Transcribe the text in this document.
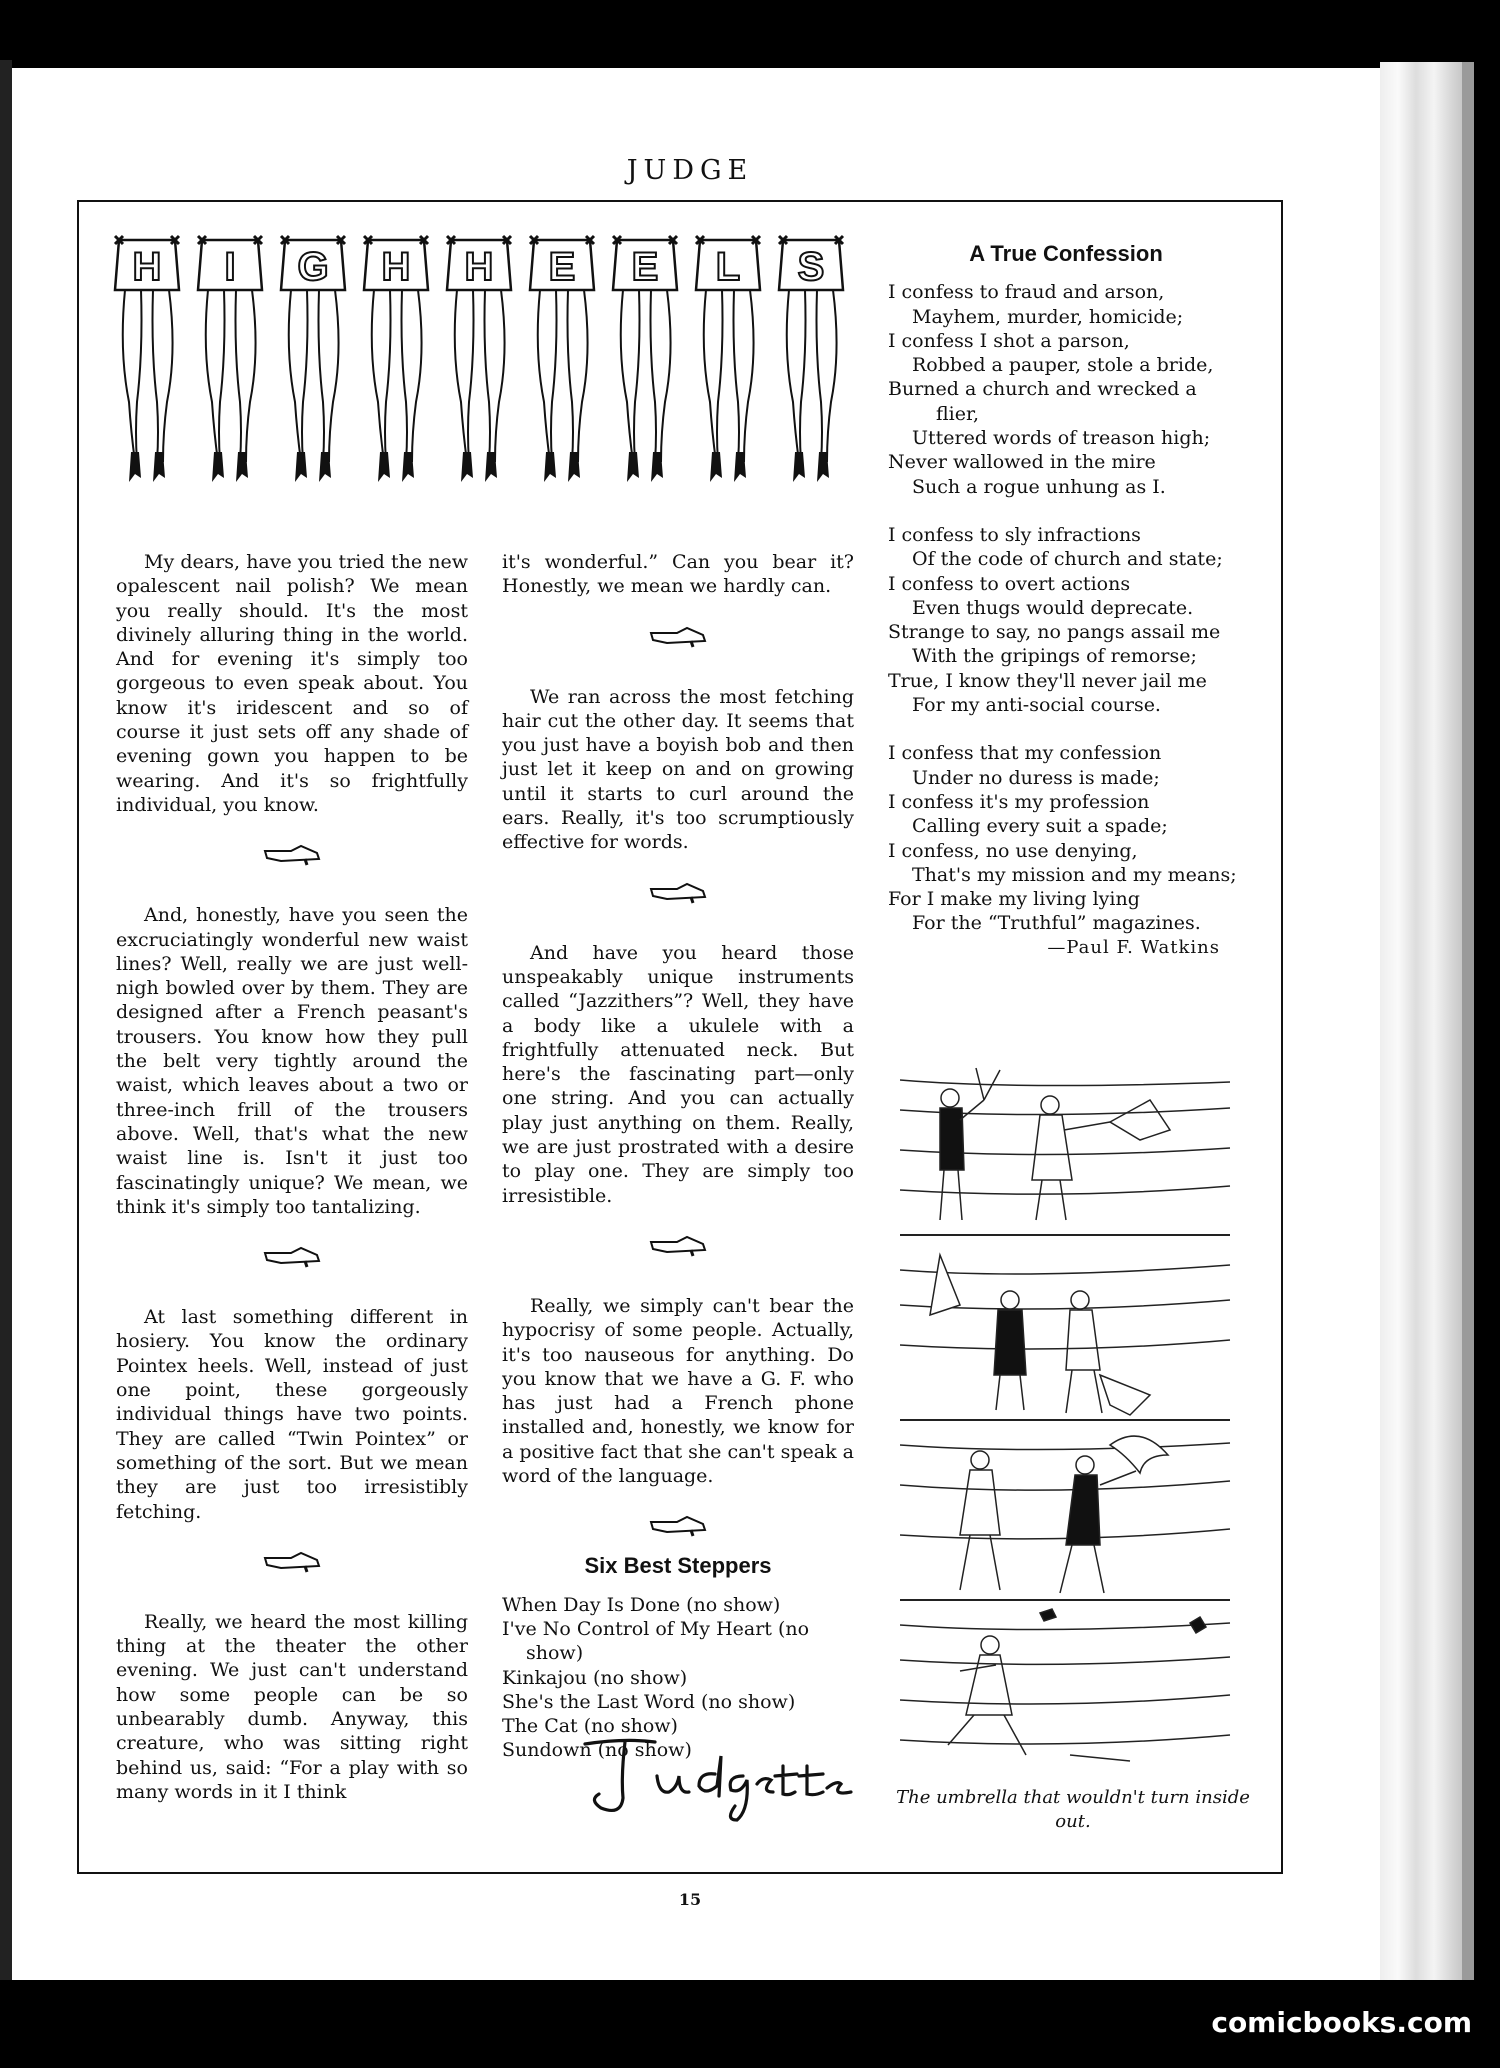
JUDGE
H I G H H E E L S

My dears, have you tried the new opalescent nail polish? We mean you really should. It's the most divinely alluring thing in the world. And for evening it's simply too gorgeous to even speak about. You know it's iridescent and so of course it just sets off any shade of evening gown you happen to be wearing. And it's so frightfully individual, you know.

And, honestly, have you seen the excruciatingly wonderful new waist lines? Well, really we are just well-nigh bowled over by them. They are designed after a French peasant's trousers. You know how they pull the belt very tightly around the waist, which leaves about a two or three-inch frill of the trousers above. Well, that's what the new waist line is. Isn't it just too fascinatingly unique? We mean, we think it's simply too tantalizing.

At last something different in hosiery. You know the ordinary Pointex heels. Well, instead of just one point, these gorgeously individual things have two points. They are called “Twin Pointex” or something of the sort. But we mean they are just too irresistibly fetching.

Really, we heard the most killing thing at the theater the other evening. We just can't understand how some people can be so unbearably dumb. Anyway, this creature, who was sitting right behind us, said: “For a play with so many words in it I think

it's wonderful.” Can you bear it? Honestly, we mean we hardly can.

We ran across the most fetching hair cut the other day. It seems that you just have a boyish bob and then just let it keep on and on growing until it starts to curl around the ears. Really, it's too scrumptiously effective for words.

And have you heard those unspeakably unique instruments called “Jazzithers”? Well, they have a body like a ukulele with a frightfully attenuated neck. But here's the fascinating part—only one string. And you can actually play just anything on them. Really, we are just prostrated with a desire to play one. They are simply too irresistible.

Really, we simply can't bear the hypocrisy of some people. Actually, it's too nauseous for anything. Do you know that we have a G. F. who has just had a French phone installed and, honestly, we know for a positive fact that she can't speak a word of the language.

Six Best Steppers
When Day Is Done (no show)
I've No Control of My Heart (no show)
Kinkajou (no show)
She's the Last Word (no show)
The Cat (no show)
Sundown (no show)
A True Confession
I confess to fraud and arson,
Mayhem, murder, homicide;
I confess I shot a parson,
Robbed a pauper, stole a bride,
Burned a church and wrecked a flier,
Uttered words of treason high;
Never wallowed in the mire
Such a rogue unhung as I.
I confess to sly infractions
Of the code of church and state;
I confess to overt actions
Even thugs would deprecate.
Strange to say, no pangs assail me
With the gripings of remorse;
True, I know they'll never jail me
For my anti-social course.
I confess that my confession
Under no duress is made;
I confess it's my profession
Calling every suit a spade;
I confess, no use denying,
That's my mission and my means;
For I make my living lying
For the “Truthful” magazines.
—Paul F. Watkins
The umbrella that wouldn't turn inside out.
15
comicbooks.com
